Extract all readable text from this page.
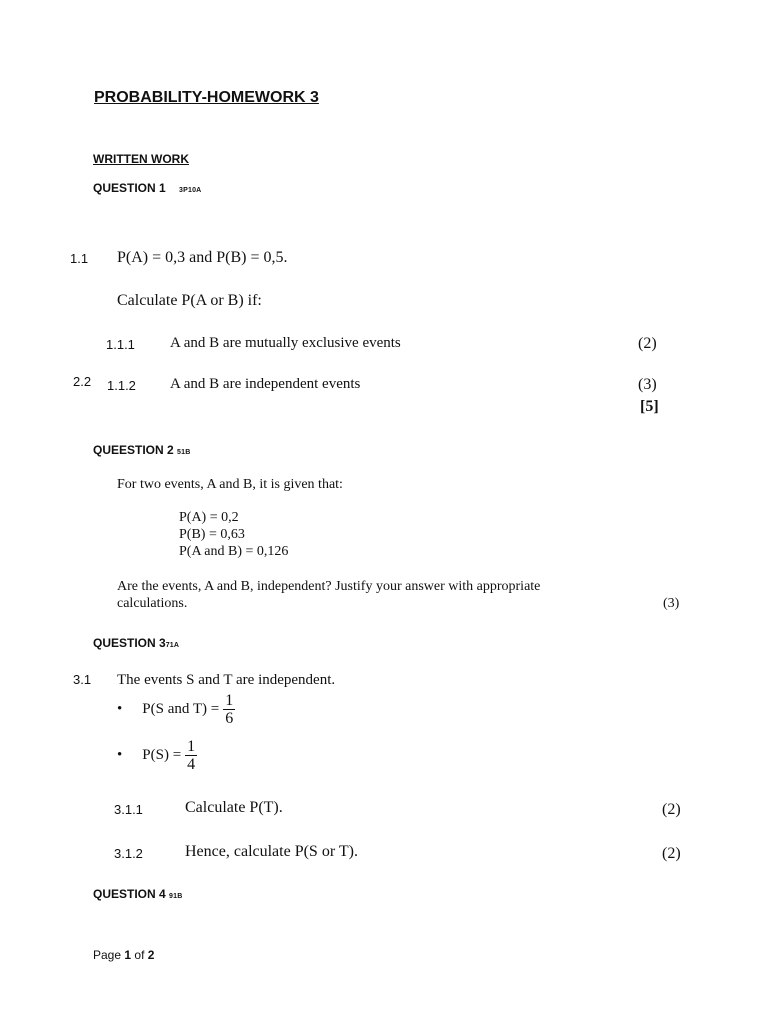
PROBABILITY-HOMEWORK 3
WRITTEN WORK
QUESTION 1 3P10A
1.1 P(A) = 0,3 and P(B) = 0,5.
Calculate P(A or B) if:
1.1.1 A and B are mutually exclusive events	(2)
2.2 1.1.2 A and B are independent events	(3)
[5]
QUEESTION 2 51B
For two events, A and B, it is given that:
P(A) = 0,2
P(B) = 0,63
P(A and B) = 0,126
Are the events, A and B, independent? Justify your answer with appropriate
calculations.	(3)
QUESTION 371A
3.1 The events S and T are independent.
• P(S and $T) = \frac{1}{6}$
• $P(S) = \frac{1}{4}$
3.1.1	Calculate P(T).	(2)
3.1.2	Hence, calculate P(S or T).	(2)
QUESTION 4 91B
Page 1 of 2
